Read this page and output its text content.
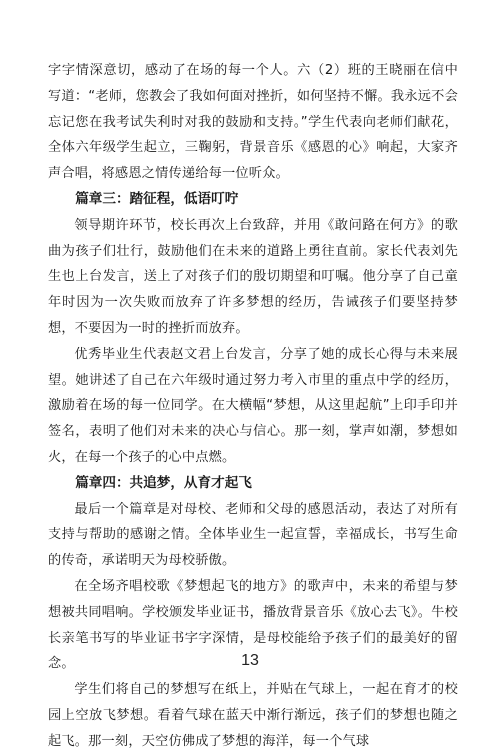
字字情深意切，感动了在场的每一个人。六（2）班的王晓丽在信中写道：“老师，您教会了我如何面对挫折，如何坚持不懈。我永远不会忘记您在我考试失利时对我的鼓励和支持。”学生代表向老师们献花，全体六年级学生起立，三鞠躬，背景音乐《感恩的心》响起，大家齐声合唱，将感恩之情传递给每一位听众。

篇章三：踏征程，低语叮咛

领导期许环节，校长再次上台致辞，并用《敢问路在何方》的歌曲为孩子们壮行，鼓励他们在未来的道路上勇往直前。家长代表刘先生也上台发言，送上了对孩子们的殷切期望和叮嘱。他分享了自己童年时因为一次失败而放弃了许多梦想的经历，告诫孩子们要坚持梦想，不要因为一时的挫折而放弃。

优秀毕业生代表赵文君上台发言，分享了她的成长心得与未来展望。她讲述了自己在六年级时通过努力考入市里的重点中学的经历，激励着在场的每一位同学。在大横幅“梦想，从这里起航”上印手印并签名，表明了他们对未来的决心与信心。那一刻，掌声如潮，梦想如火，在每一个孩子的心中点燃。

篇章四：共追梦，从育才起飞

最后一个篇章是对母校、老师和父母的感恩活动，表达了对所有支持与帮助的感谢之情。全体毕业生一起宣誓，幸福成长，书写生命的传奇，承诺明天为母校骄傲。

在全场齐唱校歌《梦想起飞的地方》的歌声中，未来的希望与梦想被共同唱响。学校颁发毕业证书，播放背景音乐《放心去飞》。牛校长亲笔书写的毕业证书字字深情，是母校能给予孩子们的最美好的留念。

学生们将自己的梦想写在纸上，并贴在气球上，一起在育才的校园上空放飞梦想。看着气球在蓝天中渐行渐远，孩子们的梦想也随之起飞。那一刻，天空仿佛成了梦想的海洋，每一个气球

13
